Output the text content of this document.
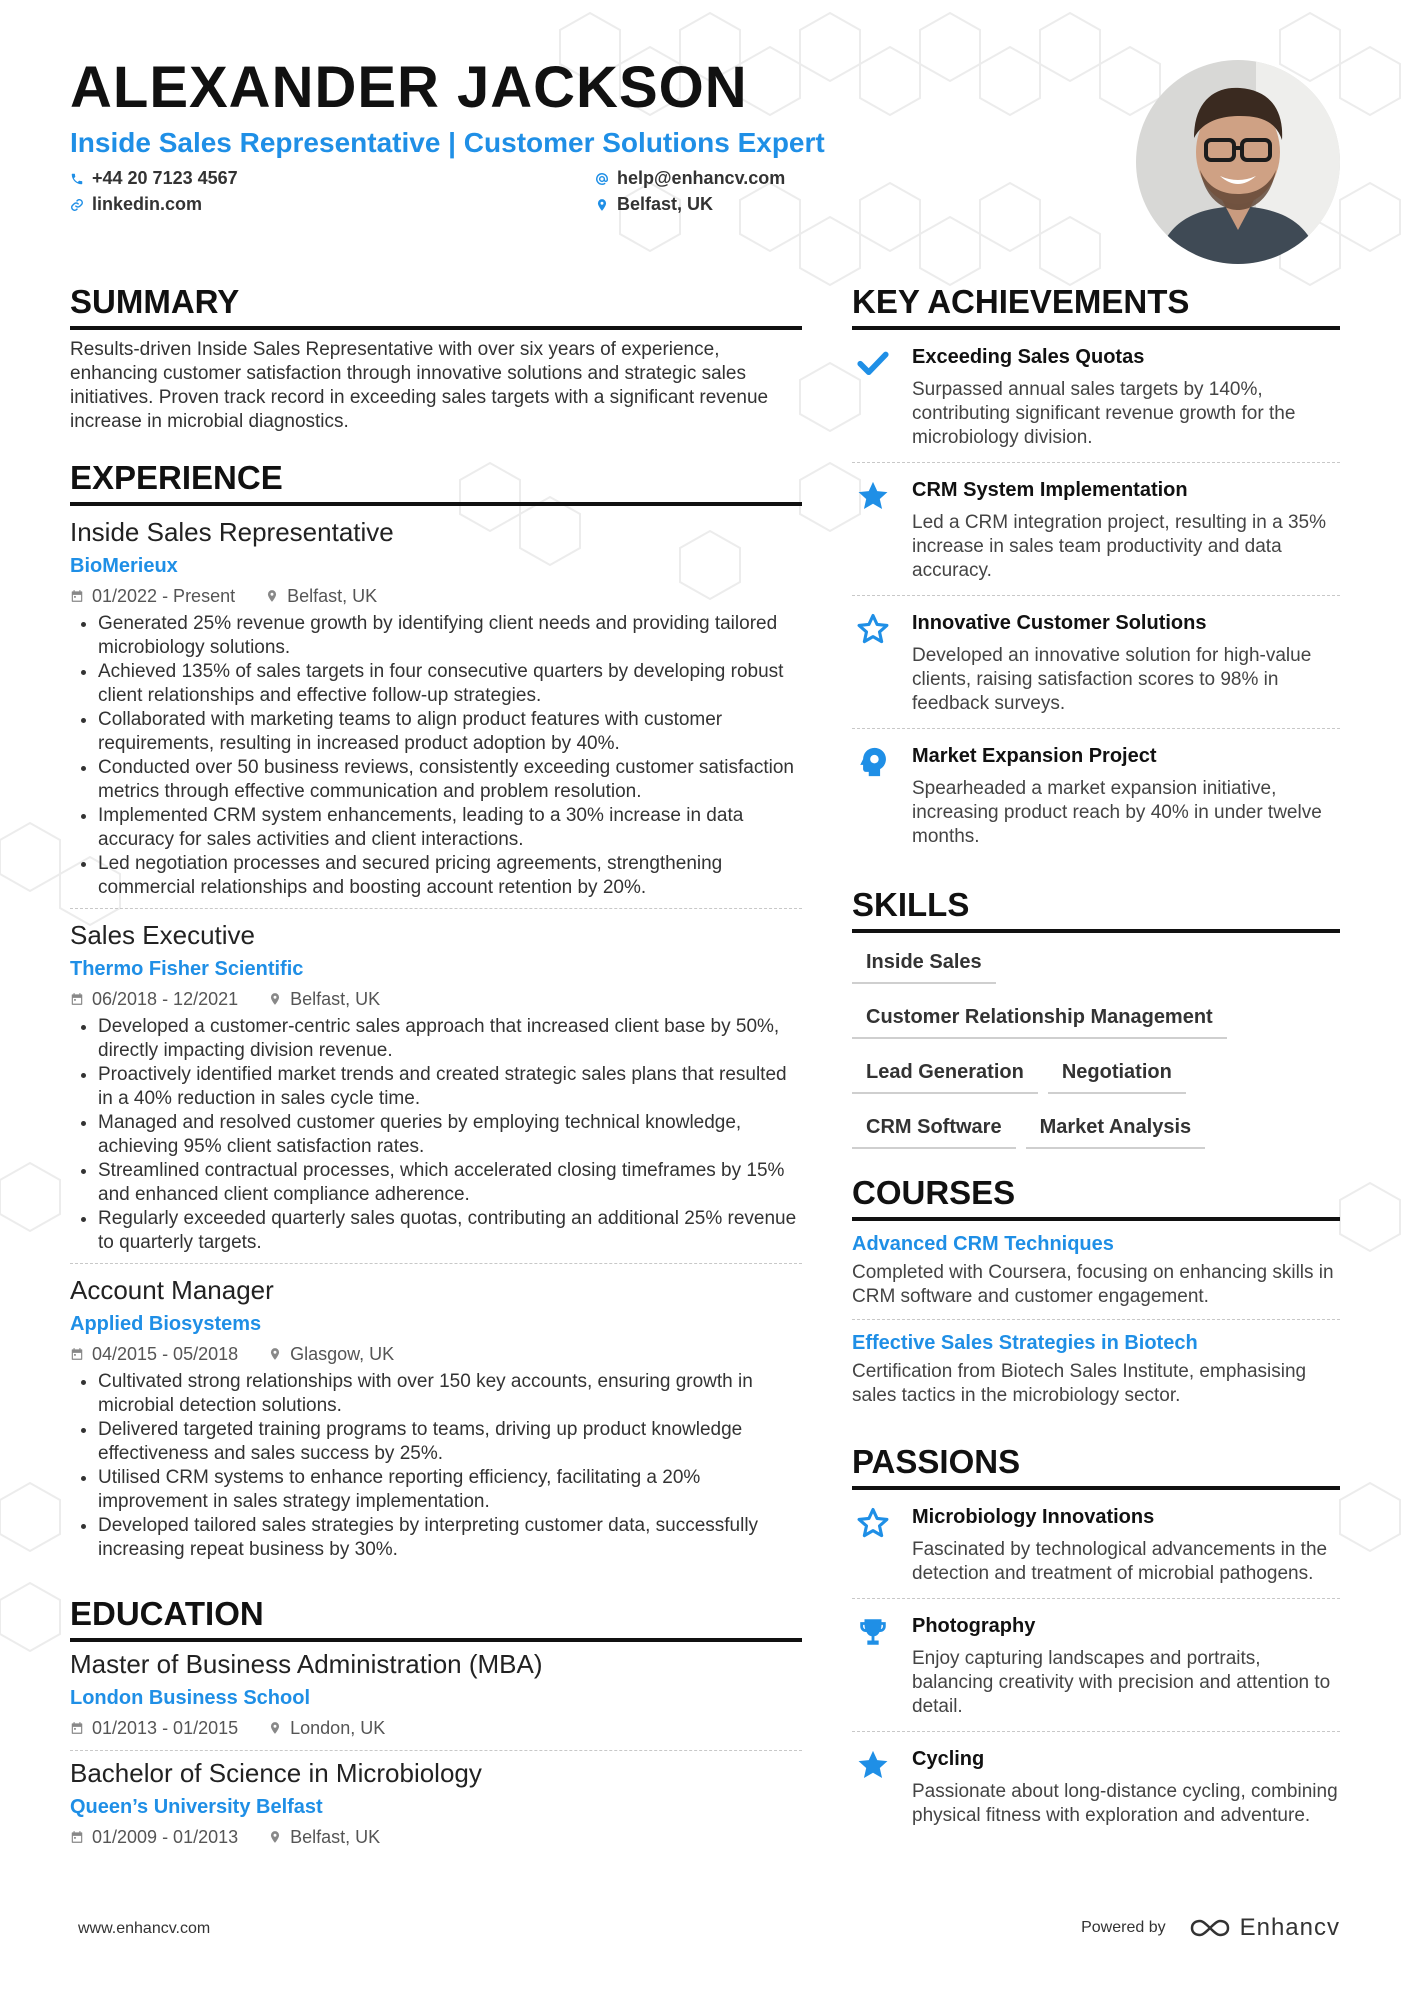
ALEXANDER JACKSON
Inside Sales Representative | Customer Solutions Expert
+44 20 7123 4567	help@enhancv.com
linkedin.com	Belfast, UK
SUMMARY
Results-driven Inside Sales Representative with over six years of experience, enhancing customer satisfaction through innovative solutions and strategic sales initiatives. Proven track record in exceeding sales targets with a significant revenue increase in microbial diagnostics.
EXPERIENCE
Inside Sales Representative
BioMerieux
01/2022 - Present	Belfast, UK
• Generated 25% revenue growth by identifying client needs and providing tailored microbiology solutions.
• Achieved 135% of sales targets in four consecutive quarters by developing robust client relationships and effective follow-up strategies.
• Collaborated with marketing teams to align product features with customer requirements, resulting in increased product adoption by 40%.
• Conducted over 50 business reviews, consistently exceeding customer satisfaction metrics through effective communication and problem resolution.
• Implemented CRM system enhancements, leading to a 30% increase in data accuracy for sales activities and client interactions.
• Led negotiation processes and secured pricing agreements, strengthening commercial relationships and boosting account retention by 20%.
Sales Executive
Thermo Fisher Scientific
06/2018 - 12/2021	Belfast, UK
• Developed a customer-centric sales approach that increased client base by 50%, directly impacting division revenue.
• Proactively identified market trends and created strategic sales plans that resulted in a 40% reduction in sales cycle time.
• Managed and resolved customer queries by employing technical knowledge, achieving 95% client satisfaction rates.
• Streamlined contractual processes, which accelerated closing timeframes by 15% and enhanced client compliance adherence.
• Regularly exceeded quarterly sales quotas, contributing an additional 25% revenue to quarterly targets.
Account Manager
Applied Biosystems
04/2015 - 05/2018	Glasgow, UK
• Cultivated strong relationships with over 150 key accounts, ensuring growth in microbial detection solutions.
• Delivered targeted training programs to teams, driving up product knowledge effectiveness and sales success by 25%.
• Utilised CRM systems to enhance reporting efficiency, facilitating a 20% improvement in sales strategy implementation.
• Developed tailored sales strategies by interpreting customer data, successfully increasing repeat business by 30%.
EDUCATION
Master of Business Administration (MBA)
London Business School
01/2013 - 01/2015	London, UK
Bachelor of Science in Microbiology
Queen’s University Belfast
01/2009 - 01/2013	Belfast, UK
KEY ACHIEVEMENTS
Exceeding Sales Quotas
Surpassed annual sales targets by 140%, contributing significant revenue growth for the microbiology division.
CRM System Implementation
Led a CRM integration project, resulting in a 35% increase in sales team productivity and data accuracy.
Innovative Customer Solutions
Developed an innovative solution for high-value clients, raising satisfaction scores to 98% in feedback surveys.
Market Expansion Project
Spearheaded a market expansion initiative, increasing product reach by 40% in under twelve months.
SKILLS
Inside Sales
Customer Relationship Management
Lead Generation	Negotiation
CRM Software	Market Analysis
COURSES
Advanced CRM Techniques
Completed with Coursera, focusing on enhancing skills in CRM software and customer engagement.
Effective Sales Strategies in Biotech
Certification from Biotech Sales Institute, emphasising sales tactics in the microbiology sector.
PASSIONS
Microbiology Innovations
Fascinated by technological advancements in the detection and treatment of microbial pathogens.
Photography
Enjoy capturing landscapes and portraits, balancing creativity with precision and attention to detail.
Cycling
Passionate about long-distance cycling, combining physical fitness with exploration and adventure.
www.enhancv.com	Powered by	Enhancv
